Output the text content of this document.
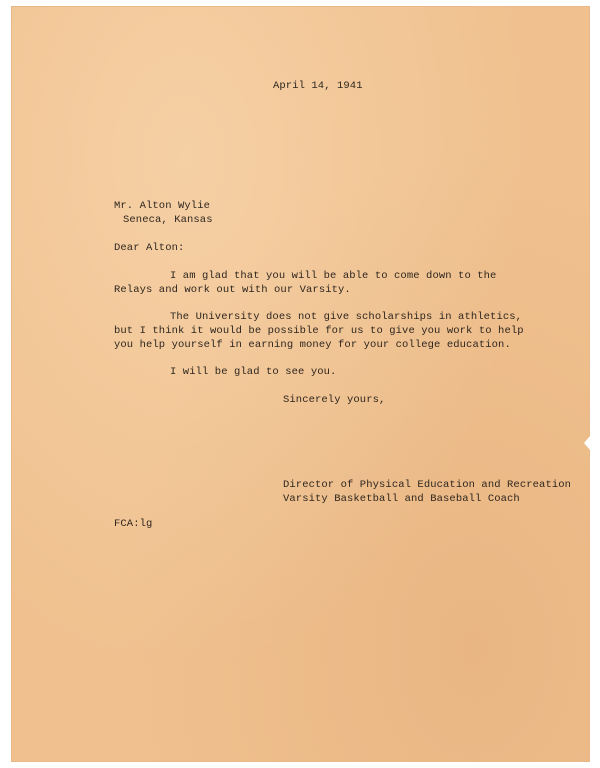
April 14, 1941
Mr. Alton Wylie
Seneca, Kansas
Dear Alton:
I am glad that you will be able to come down to the
Relays and work out with our Varsity.
The University does not give scholarships in athletics,
but I think it would be possible for us to give you work to help
you help yourself in earning money for your college education.
I will be glad to see you.
Sincerely yours,
Director of Physical Education and Recreation
Varsity Basketball and Baseball Coach
FCA:lg
